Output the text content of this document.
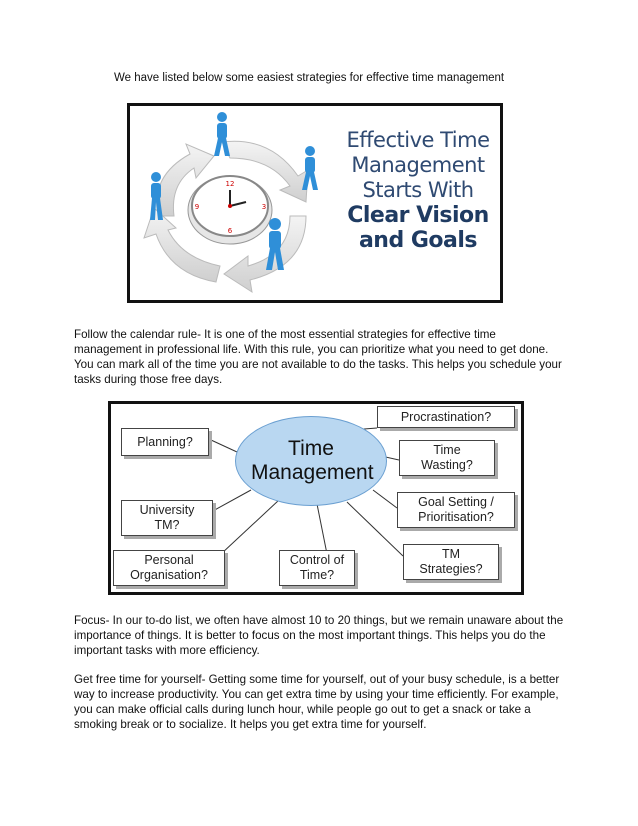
We have listed below some easiest strategies for effective time management
12
3
6
9
Effective Time
Management
Starts With
Clear Vision
and Goals

Follow the calendar rule- It is one of the most essential strategies for effective time management in professional life. With this rule, you can prioritize what you need to get done. You can mark all of the time you are not available to do the tasks. This helps you schedule your tasks during those free days.

Time Management
Planning?
University TM?
Personal Organisation?
Control of Time?
Procrastination?
Time Wasting?
Goal Setting / Prioritisation?
TM Strategies?

Focus- In our to-do list, we often have almost 10 to 20 things, but we remain unaware about the importance of things. It is better to focus on the most important things. This helps you do the important tasks with more efficiency.

Get free time for yourself- Getting some time for yourself, out of your busy schedule, is a better way to increase productivity. You can get extra time by using your time efficiently. For example, you can make official calls during lunch hour, while people go out to get a snack or take a smoking break or to socialize. It helps you get extra time for yourself.
